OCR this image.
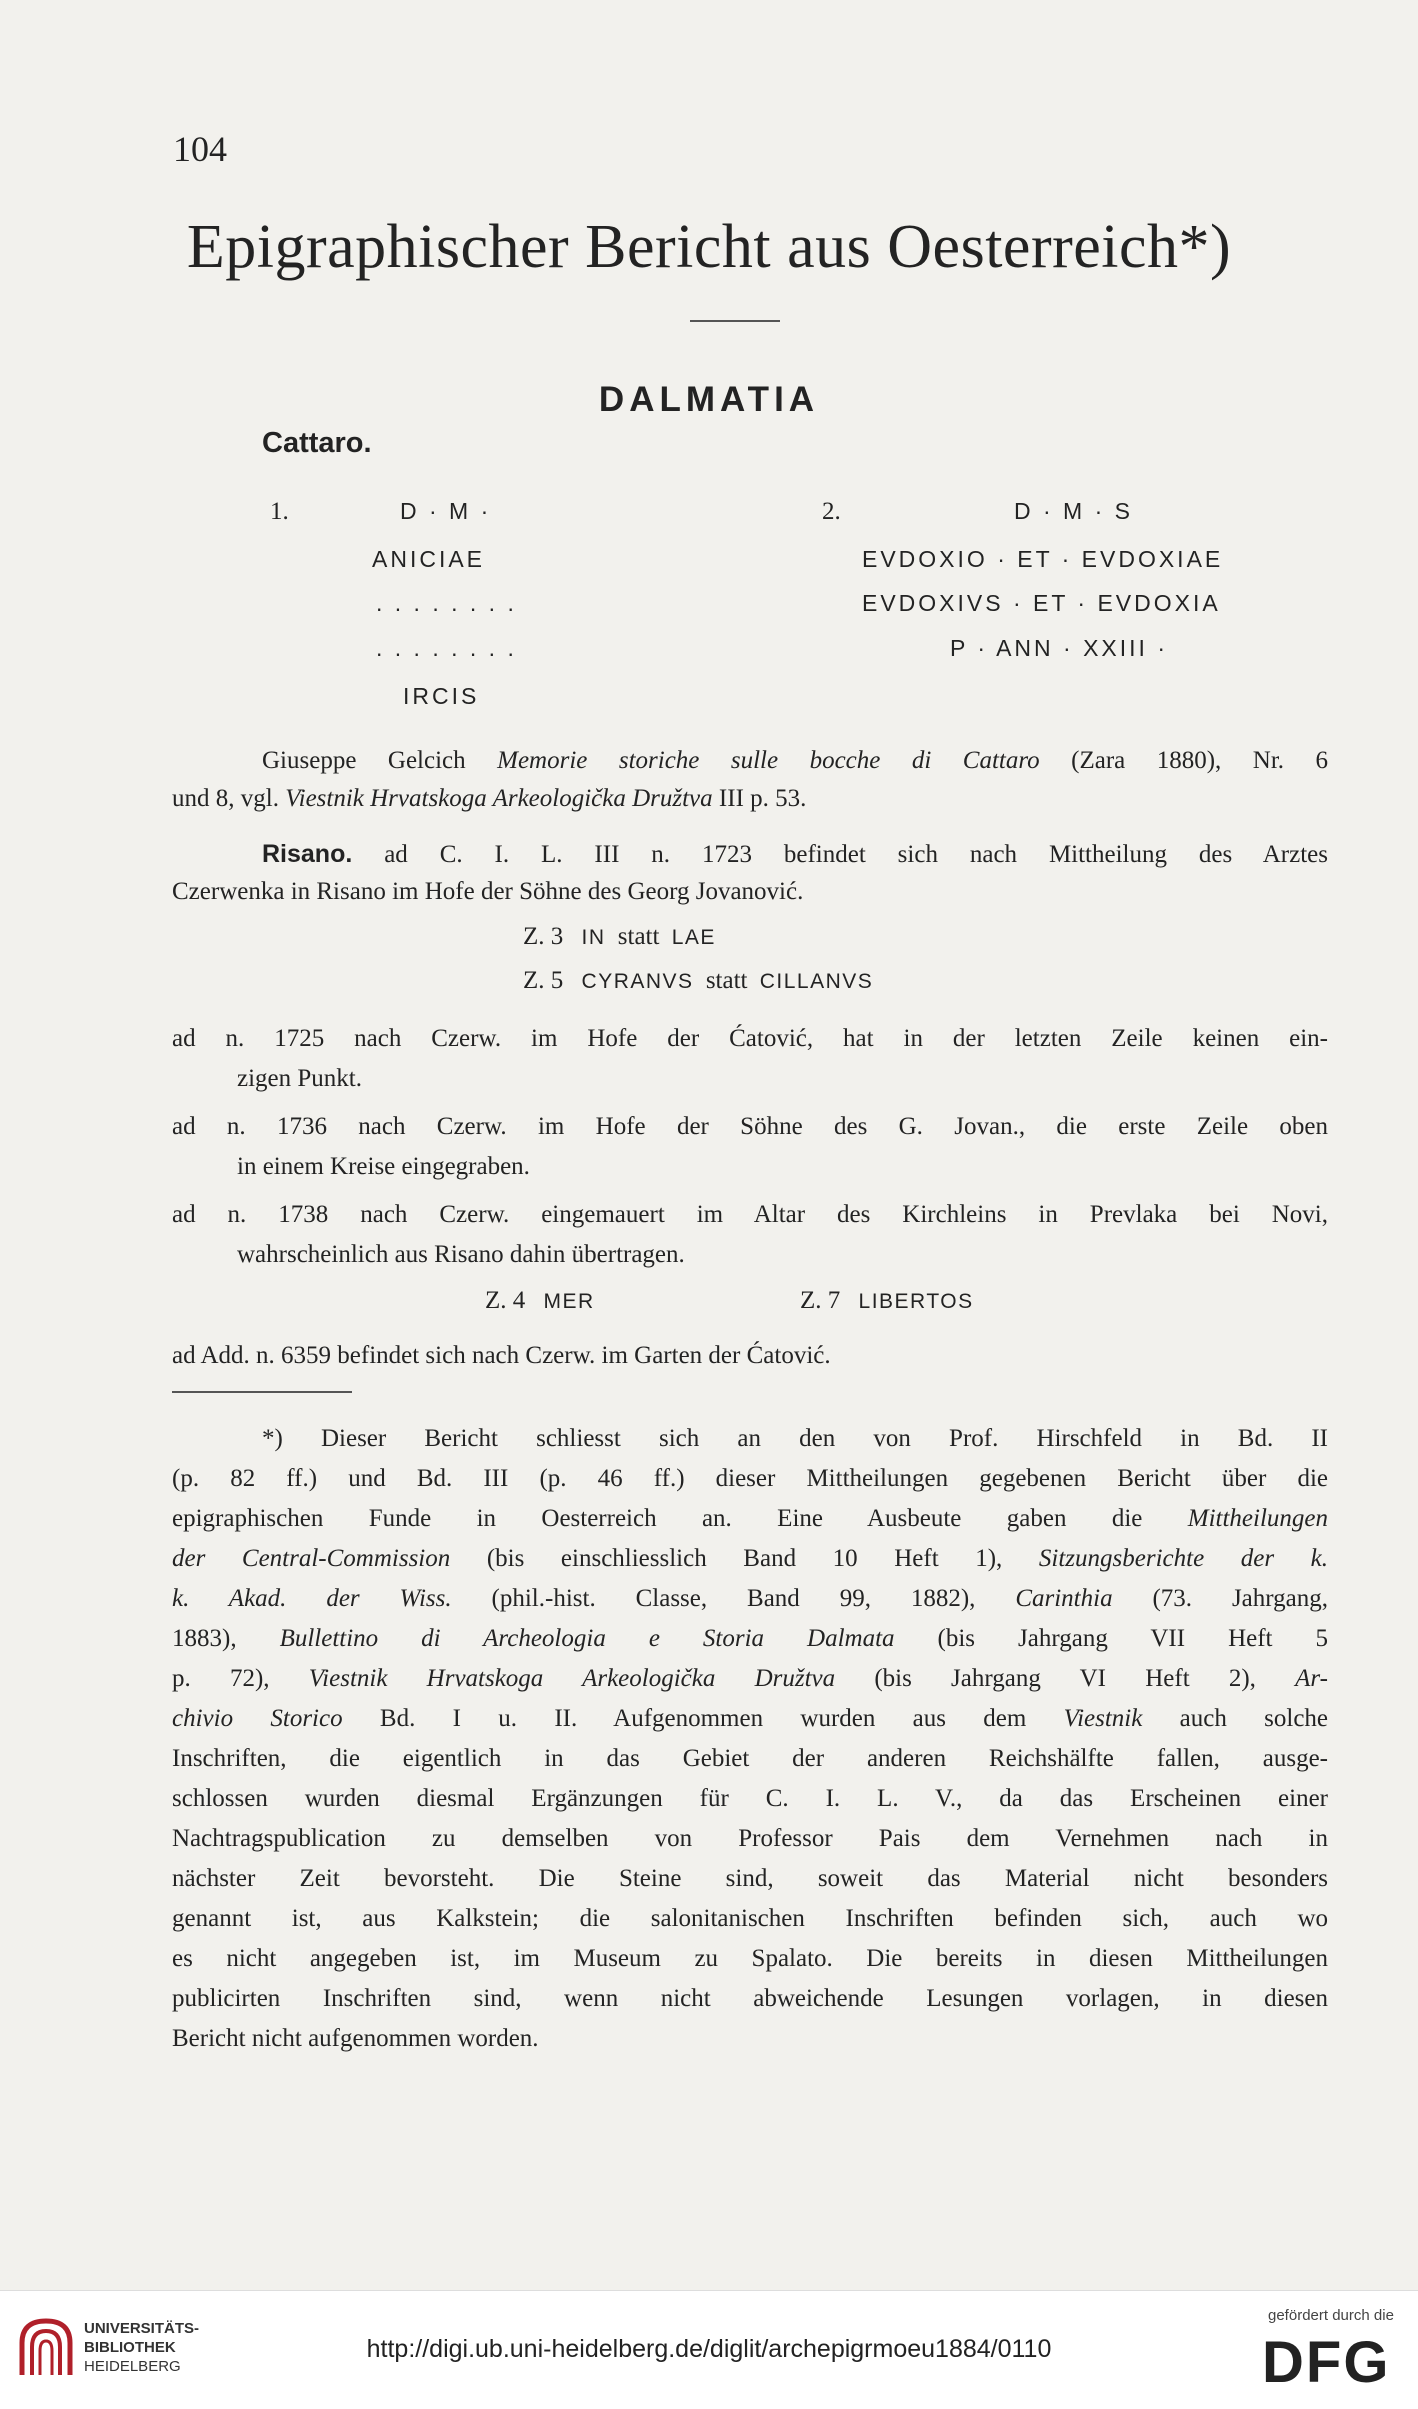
104
Epigraphischer Bericht aus Oesterreich*)
DALMATIA
Cattaro.
1.	D · M ·
ANICIAE
. . . . . . . .
. . . . . . . .
IRCIS
2.	D · M · S
EVDOXIO · ET · EVDOXIAE
EVDOXIVS · ET · EVDOXIA
P · ANN · XXIII ·
Giuseppe Gelcich Memorie storiche sulle bocche di Cattaro (Zara 1880), Nr. 6
und 8, vgl. Viestnik Hrvatskoga Arkeologička Družtva III p. 53.
Risano. ad C. I. L. III n. 1723 befindet sich nach Mittheilung des Arztes
Czerwenka in Risano im Hofe der Söhne des Georg Jovanović.
Z. 3 IN statt LAE
Z. 5 CYRANVS statt CILLANVS
ad n. 1725 nach Czerw. im Hofe der Ćatović, hat in der letzten Zeile keinen ein-
zigen Punkt.
ad n. 1736 nach Czerw. im Hofe der Söhne des G. Jovan., die erste Zeile oben
in einem Kreise eingegraben.
ad n. 1738 nach Czerw. eingemauert im Altar des Kirchleins in Prevlaka bei Novi,
wahrscheinlich aus Risano dahin übertragen.
Z. 4 MER	Z. 7 LIBERTOS
ad Add. n. 6359 befindet sich nach Czerw. im Garten der Ćatović.
*) Dieser Bericht schliesst sich an den von Prof. Hirschfeld in Bd. II
(p. 82 ff.) und Bd. III (p. 46 ff.) dieser Mittheilungen gegebenen Bericht über die
epigraphischen Funde in Oesterreich an. Eine Ausbeute gaben die Mittheilungen
der Central-Commission (bis einschliesslich Band 10 Heft 1), Sitzungsberichte der k.
k. Akad. der Wiss. (phil.-hist. Classe, Band 99, 1882), Carinthia (73. Jahrgang,
1883), Bullettino di Archeologia e Storia Dalmata (bis Jahrgang VII Heft 5
p. 72), Viestnik Hrvatskoga Arkeologička Družtva (bis Jahrgang VI Heft 2), Ar-
chivio Storico Bd. I u. II. Aufgenommen wurden aus dem Viestnik auch solche
Inschriften, die eigentlich in das Gebiet der anderen Reichshälfte fallen, ausge-
schlossen wurden diesmal Ergänzungen für C. I. L. V., da das Erscheinen einer
Nachtragspublication zu demselben von Professor Pais dem Vernehmen nach in
nächster Zeit bevorsteht. Die Steine sind, soweit das Material nicht besonders
genannt ist, aus Kalkstein; die salonitanischen Inschriften befinden sich, auch wo
es nicht angegeben ist, im Museum zu Spalato. Die bereits in diesen Mittheilungen
publicirten Inschriften sind, wenn nicht abweichende Lesungen vorlagen, in diesen
Bericht nicht aufgenommen worden.
UNIVERSITÄTS-
BIBLIOTHEK
HEIDELBERG
http://digi.ub.uni-heidelberg.de/diglit/archepigrmoeu1884/0110
gefördert durch die
DFG
